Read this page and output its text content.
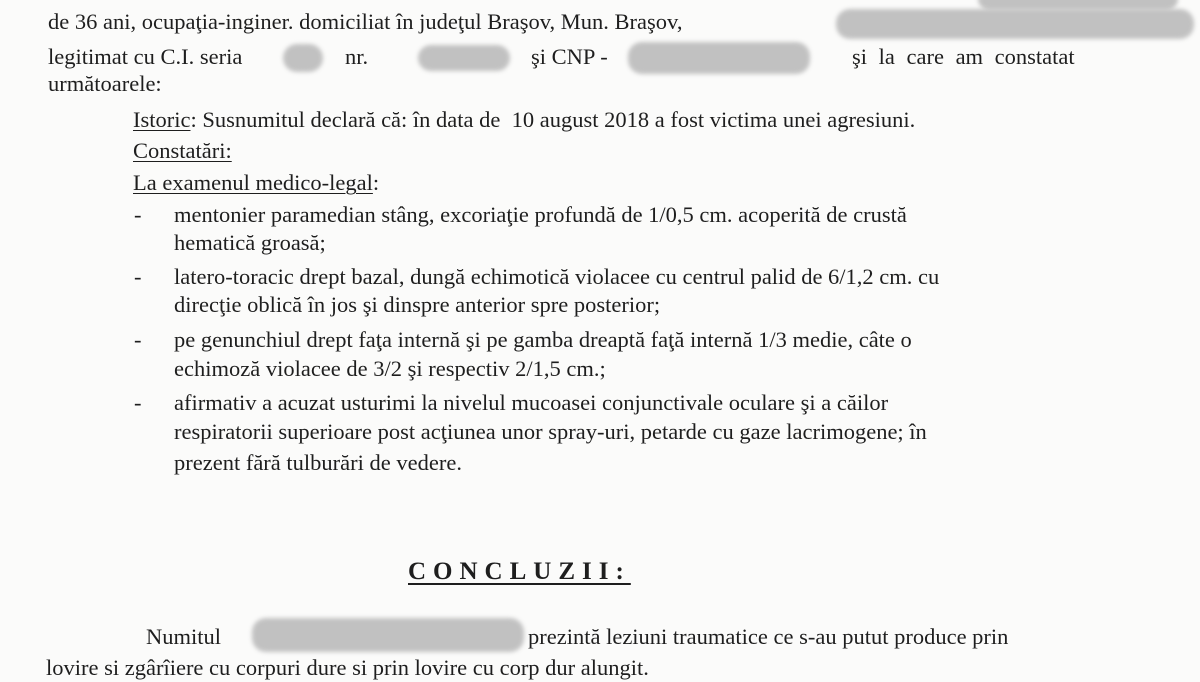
de 36 ani, ocupaţia-inginer. domiciliat în judeţul Braşov, Mun. Braşov,
legitimat cu C.I. seria	nr.	şi CNP -	şi la care am constatat
următoarele:
Istoric: Susnumitul declară că: în data de  10 august 2018 a fost victima unei agresiuni.
Constatări:
La examenul medico-legal:
- mentonier paramedian stâng, excoriaţie profundă de 1/0,5 cm. acoperită de crustă
hematică groasă;
- latero-toracic drept bazal, dungă echimotică violacee cu centrul palid de 6/1,2 cm. cu
direcţie oblică în jos şi dinspre anterior spre posterior;
- pe genunchiul drept faţa internă şi pe gamba dreaptă faţă internă 1/3 medie, câte o
echimoză violacee de 3/2 şi respectiv 2/1,5 cm.;
- afirmativ a acuzat usturimi la nivelul mucoasei conjunctivale oculare şi a căilor
respiratorii superioare post acţiunea unor spray-uri, petarde cu gaze lacrimogene; în
prezent fără tulburări de vedere.
CONCLUZII:
Numitul	prezintă leziuni traumatice ce s-au putut produce prin
lovire si zgârîiere cu corpuri dure si prin lovire cu corp dur alungit.
